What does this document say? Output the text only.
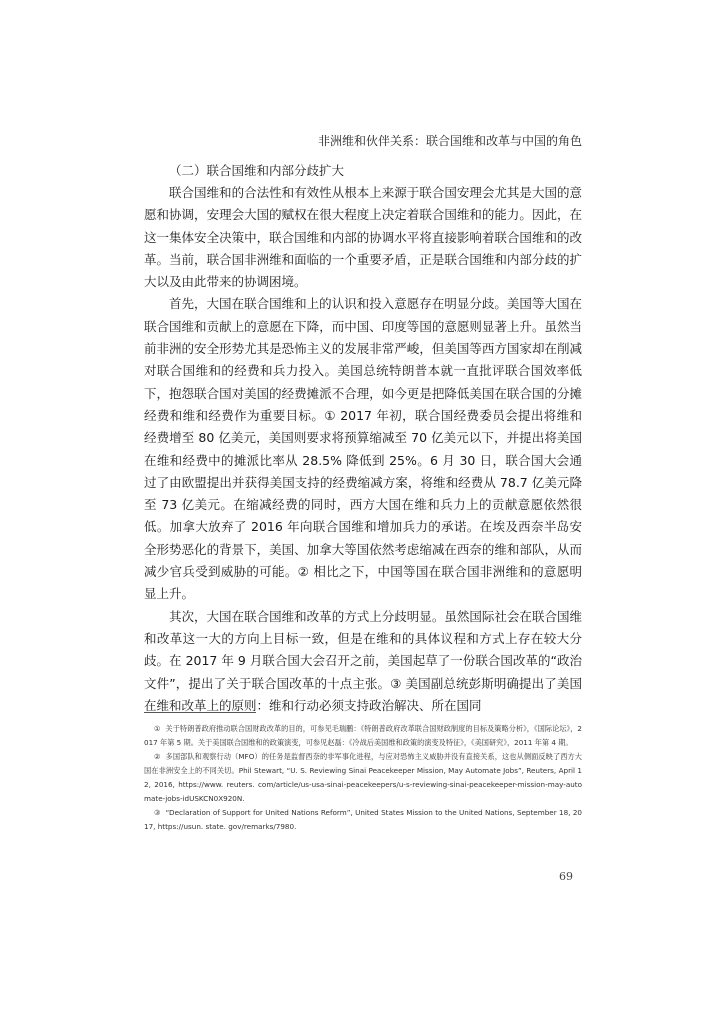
非洲维和伙伴关系：联合国维和改革与中国的角色

（二）联合国维和内部分歧扩大

联合国维和的合法性和有效性从根本上来源于联合国安理会尤其是大国的意愿和协调，安理会大国的赋权在很大程度上决定着联合国维和的能力。因此，在这一集体安全决策中，联合国维和内部的协调水平将直接影响着联合国维和的改革。当前，联合国非洲维和面临的一个重要矛盾，正是联合国维和内部分歧的扩大以及由此带来的协调困境。

首先，大国在联合国维和上的认识和投入意愿存在明显分歧。美国等大国在联合国维和贡献上的意愿在下降，而中国、印度等国的意愿则显著上升。虽然当前非洲的安全形势尤其是恐怖主义的发展非常严峻，但美国等西方国家却在削减对联合国维和的经费和兵力投入。美国总统特朗普本就一直批评联合国效率低下，抱怨联合国对美国的经费摊派不合理，如今更是把降低美国在联合国的分摊经费和维和经费作为重要目标。① 2017 年初，联合国经费委员会提出将维和经费增至 80 亿美元，美国则要求将预算缩减至 70 亿美元以下，并提出将美国在维和经费中的摊派比率从 28.5% 降低到 25%。6 月 30 日，联合国大会通过了由欧盟提出并获得美国支持的经费缩减方案，将维和经费从 78.7 亿美元降至 73 亿美元。在缩减经费的同时，西方大国在维和兵力上的贡献意愿依然很低。加拿大放弃了 2016 年向联合国维和增加兵力的承诺。在埃及西奈半岛安全形势恶化的背景下，美国、加拿大等国依然考虑缩减在西奈的维和部队，从而减少官兵受到威胁的可能。② 相比之下，中国等国在联合国非洲维和的意愿明显上升。

其次，大国在联合国维和改革的方式上分歧明显。虽然国际社会在联合国维和改革这一大的方向上目标一致，但是在维和的具体议程和方式上存在较大分歧。在 2017 年 9 月联合国大会召开之前，美国起草了一份联合国改革的“政治文件”，提出了关于联合国改革的十点主张。③ 美国副总统彭斯明确提出了美国在维和改革上的原则：维和行动必须支持政治解决、所在国同

① 关于特朗普政府推动联合国财政改革的目的，可参见毛瑞鹏：《特朗普政府改革联合国财政制度的目标及策略分析》，《国际论坛》，2017 年第 5 期。关于美国联合国维和的政策演变，可参见赵磊：《冷战后美国维和政策的演变及特征》，《美国研究》，2011 年第 4 期。

② 多国部队和观察行动（MFO）的任务是监督西奈的非军事化进程，与应对恐怖主义威胁并没有直接关系，这也从侧面反映了西方大国在非洲安全上的不同关切。Phil Stewart, “U. S. Reviewing Sinai Peacekeeper Mission, May Automate Jobs”, Reuters, April 12, 2016, https://www. reuters. com/article/us-usa-sinai-peacekeepers/u-s-reviewing-sinai-peacekeeper-mission-may-automate-jobs-idUSKCN0X920N.

③ “Declaration of Support for United Nations Reform”, United States Mission to the United Nations, September 18, 2017, https://usun. state. gov/remarks/7980.

69
